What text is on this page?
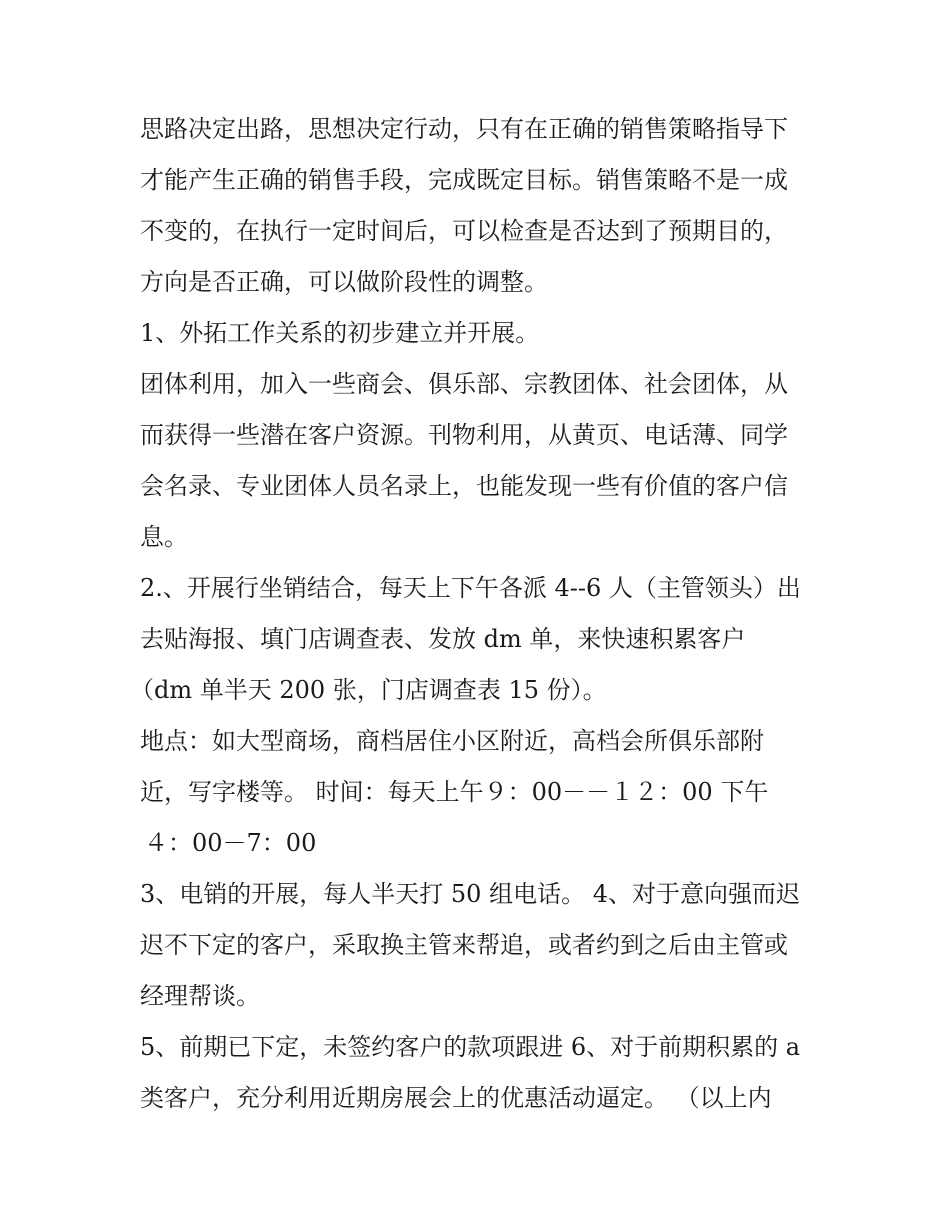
思路决定出路，思想决定行动，只有在正确的销售策略指导下
才能产生正确的销售手段，完成既定目标。销售策略不是一成
不变的，在执行一定时间后，可以检查是否达到了预期目的，
方向是否正确，可以做阶段性的调整。
1、外拓工作关系的初步建立并开展。
团体利用，加入一些商会、俱乐部、宗教团体、社会团体，从
而获得一些潜在客户资源。刊物利用，从黄页、电话薄、同学
会名录、专业团体人员名录上，也能发现一些有价值的客户信
息。
2.、开展行坐销结合，每天上下午各派 4--6 人（主管领头）出
去贴海报、填门店调查表、发放 dm 单，来快速积累客户
（dm 单半天 200 张，门店调查表 15 份）。
地点：如大型商场，商档居住小区附近，高档会所俱乐部附
近，写字楼等。 时间：每天上午９：00－－１２：00 下午
４：00－7：00
3、电销的开展，每人半天打 50 组电话。 4、对于意向强而迟
迟不下定的客户，采取换主管来帮追，或者约到之后由主管或
经理帮谈。
5、前期已下定，未签约客户的款项跟进 6、对于前期积累的 a
类客户，充分利用近期房展会上的优惠活动逼定。 （以上内
